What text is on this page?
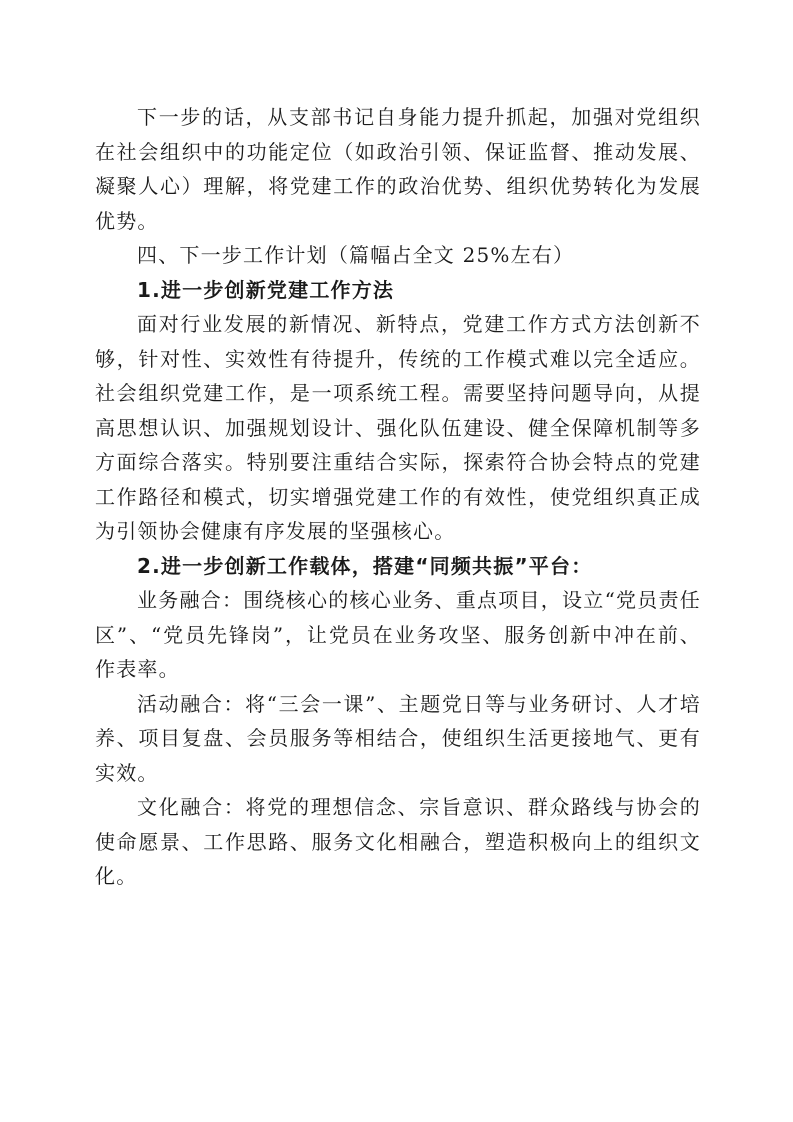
下一步的话，从支部书记自身能力提升抓起，加强对党组织在社会组织中的功能定位（如政治引领、保证监督、推动发展、凝聚人心）理解，将党建工作的政治优势、组织优势转化为发展优势。

四、下一步工作计划（篇幅占全文 25%左右）

1.进一步创新党建工作方法

面对行业发展的新情况、新特点，党建工作方式方法创新不够，针对性、实效性有待提升，传统的工作模式难以完全适应。社会组织党建工作，是一项系统工程。需要坚持问题导向，从提高思想认识、加强规划设计、强化队伍建设、健全保障机制等多方面综合落实。特别要注重结合实际，探索符合协会特点的党建工作路径和模式，切实增强党建工作的有效性，使党组织真正成为引领协会健康有序发展的坚强核心。

2.进一步创新工作载体，搭建“同频共振”平台：

业务融合：围绕核心的核心业务、重点项目，设立“党员责任区”、“党员先锋岗”，让党员在业务攻坚、服务创新中冲在前、作表率。

活动融合：将“三会一课”、主题党日等与业务研讨、人才培养、项目复盘、会员服务等相结合，使组织生活更接地气、更有实效。

文化融合：将党的理想信念、宗旨意识、群众路线与协会的使命愿景、工作思路、服务文化相融合，塑造积极向上的组织文化。
